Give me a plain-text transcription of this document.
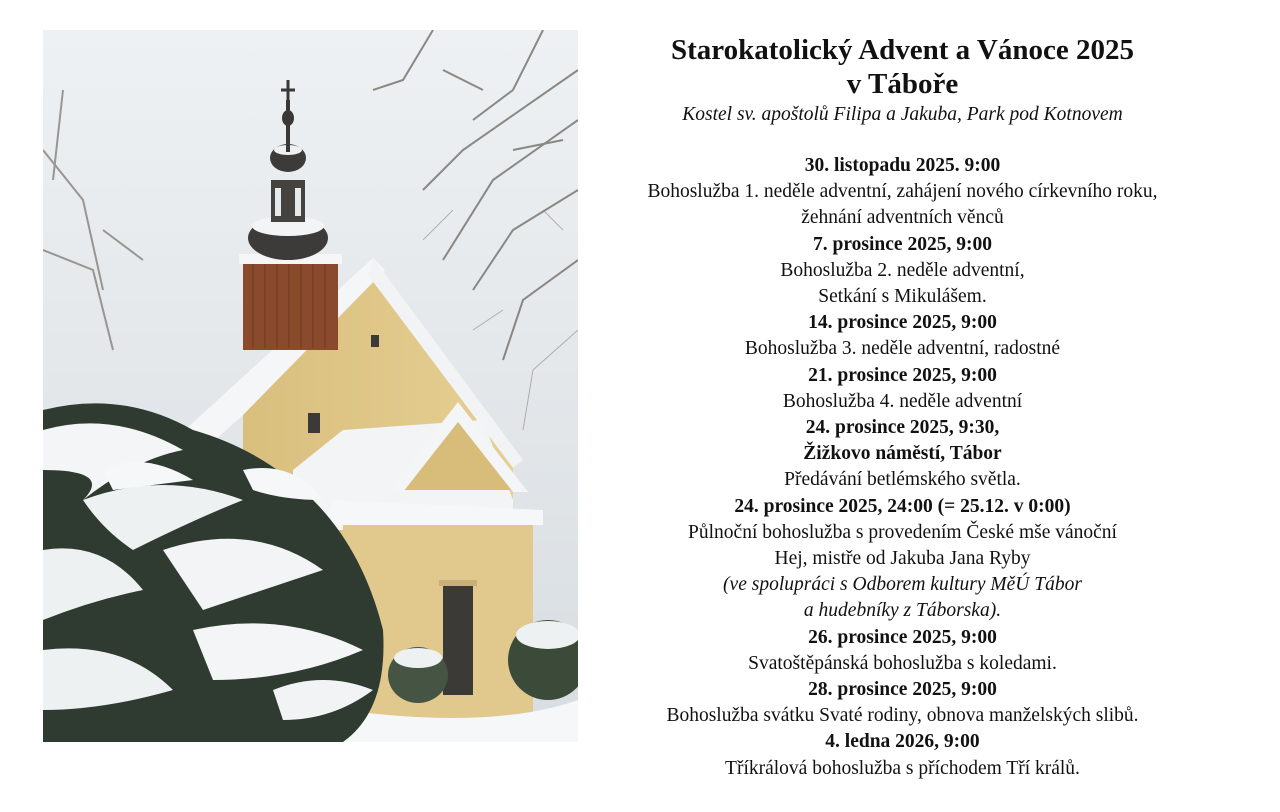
Starokatolický Advent a Vánoce 2025
v Táboře

Kostel sv. apoštolů Filipa a Jakuba, Park pod Kotnovem

30. listopadu 2025. 9:00
Bohoslužba 1. neděle adventní, zahájení nového církevního roku,
žehnání adventních věnců
7. prosince 2025, 9:00
Bohoslužba 2. neděle adventní,
Setkání s Mikulášem.
14. prosince 2025, 9:00
Bohoslužba 3. neděle adventní, radostné
21. prosince 2025, 9:00
Bohoslužba 4. neděle adventní
24. prosince 2025, 9:30,
Žižkovo náměstí, Tábor
Předávání betlémského světla.
24. prosince 2025, 24:00 (= 25.12. v 0:00)
Půlnoční bohoslužba s provedením České mše vánoční
Hej, mistře od Jakuba Jana Ryby
(ve spolupráci s Odborem kultury MěÚ Tábor
a hudebníky z Táborska).
26. prosince 2025, 9:00
Svatoštěpánská bohoslužba s koledami.
28. prosince 2025, 9:00
Bohoslužba svátku Svaté rodiny, obnova manželských slibů.
4. ledna 2026, 9:00
Tříkrálová bohoslužba s příchodem Tří králů.
